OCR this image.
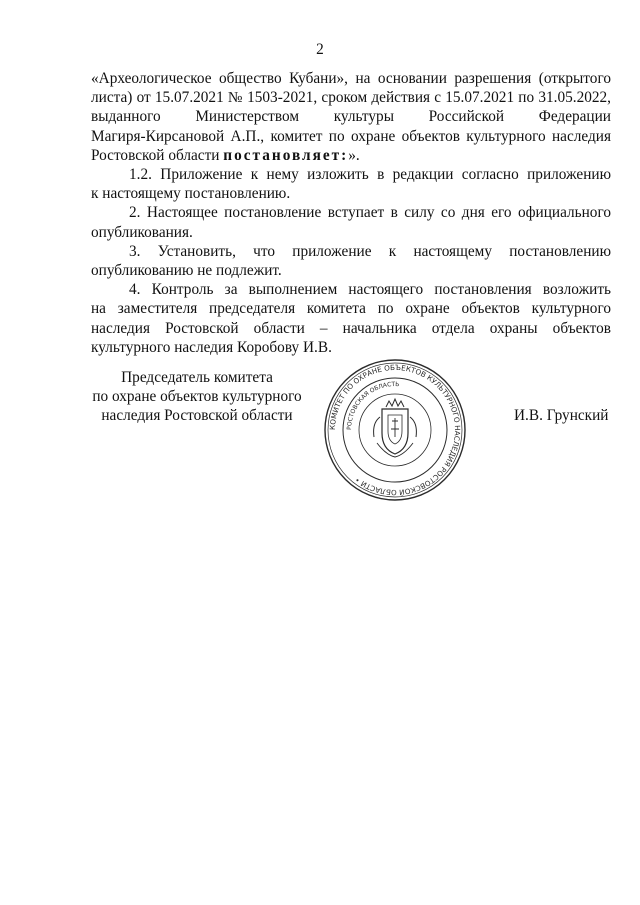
2

«Археологическое общество Кубани», на основании разрешения (открытого

листа) от 15.07.2021 № 1503-2021, сроком действия с 15.07.2021 по 31.05.2022,

выданного Министерством культуры Российской Федерации

Магиря-Кирсановой А.П., комитет по охране объектов культурного наследия

Ростовской области постановляет:».

1.2. Приложение к нему изложить в редакции согласно приложению

к настоящему постановлению.

2. Настоящее постановление вступает в силу со дня его официального

опубликования.

3. Установить, что приложение к настоящему постановлению

опубликованию не подлежит.

4. Контроль за выполнением настоящего постановления возложить

на заместителя председателя комитета по охране объектов культурного

наследия Ростовской области – начальника отдела охраны объектов

культурного наследия Коробову И.В.

Председатель комитета
по охране объектов культурного
наследия Ростовской области
КОМИТЕТ ПО ОХРАНЕ ОБЪЕКТОВ КУЛЬТУРНОГО НАСЛЕДИЯ РОСТОВСКОЙ ОБЛАСТИ •
РОСТОВСКАЯ ОБЛАСТЬ
И.В. Грунский
